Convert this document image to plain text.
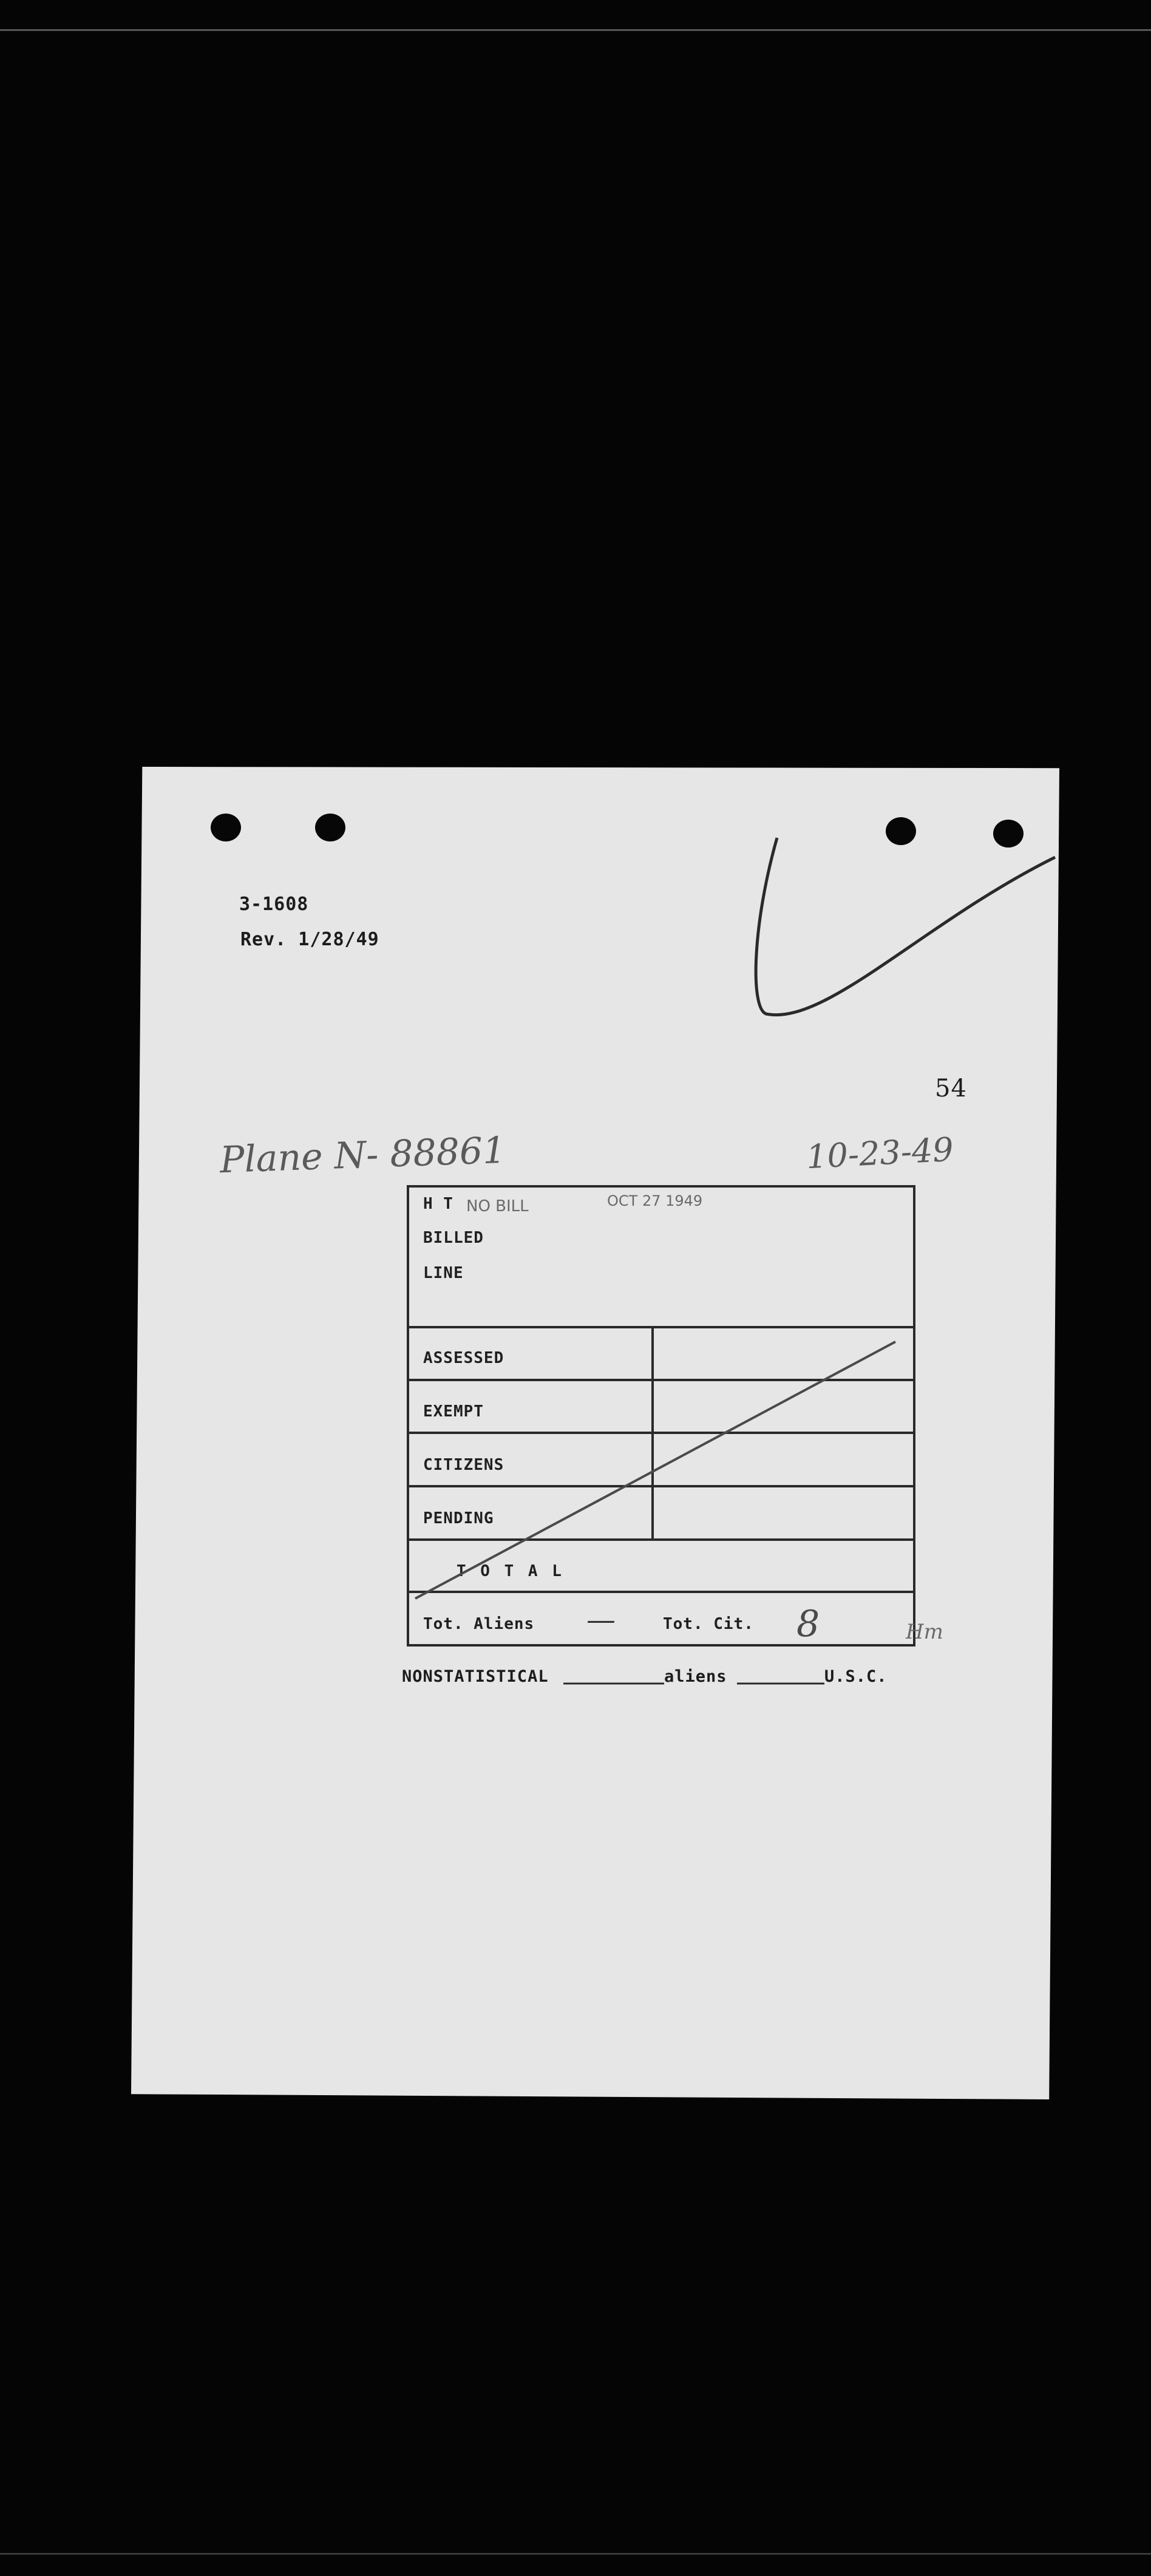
3-1608
Rev. 1/28/49
54
Plane N- 88861	10-23-49
H T NO BILL	OCT 27 1949
BILLED
LINE
ASSESSED
EXEMPT
CITIZENS
PENDING
T O T A L
Tot. Aliens —	Tot. Cit. 8	Hm
NONSTATISTICAL	aliens	U.S.C.
